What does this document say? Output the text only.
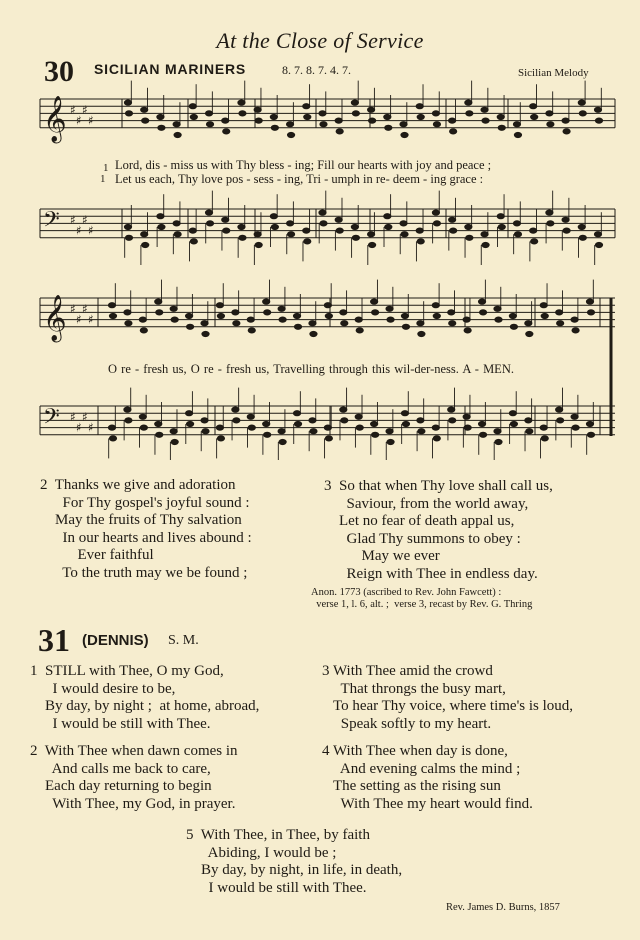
At the Close of Service
30 SICILIAN MARINERS	8. 7. 8. 7. 4. 7.	Sicilian Melody
𝄞 ♯
♯
♯
♯
𝄢 ♯
♯
♯
♯
𝄞 ♯
♯
♯
♯
𝄢 ♯
♯
♯
♯
1
1
Lord, dis - miss us with Thy bless - ing; Fill our hearts with joy and peace ;
Let us each, Thy love pos - sess - ing, Tri - umph in re- deem - ing grace :
O re - fresh us, O re - fresh us, Travelling through this wil-der-ness. A - MEN.
2  Thanks we give and adoration
For Thy gospel's joyful sound :
May the fruits of Thy salvation
In our hearts and lives abound :
Ever faithful
To the truth may we be found ;
3  So that when Thy love shall call us,
Saviour, from the world away,
Let no fear of death appal us,
Glad Thy summons to obey :
May we ever
Reign with Thee in endless day.
Anon. 1773 (ascribed to Rev. John Fawcett) :
verse 1, l. 6, alt. ;  verse 3, recast by Rev. G. Thring
31 (DENNIS) S. M.
1  STILL with Thee, O my God,
I would desire to be,
By day, by night ;  at home, abroad,
I would be still with Thee.
2  With Thee when dawn comes in
And calls me back to care,
Each day returning to begin
With Thee, my God, in prayer.
3 With Thee amid the crowd
That throngs the busy mart,
To hear Thy voice, where time's is loud,
Speak softly to my heart.
4 With Thee when day is done,
And evening calms the mind ;
The setting as the rising sun
With Thee my heart would find.
5  With Thee, in Thee, by faith
Abiding, I would be ;
By day, by night, in life, in death,
I would be still with Thee.
Rev. James D. Burns, 1857
